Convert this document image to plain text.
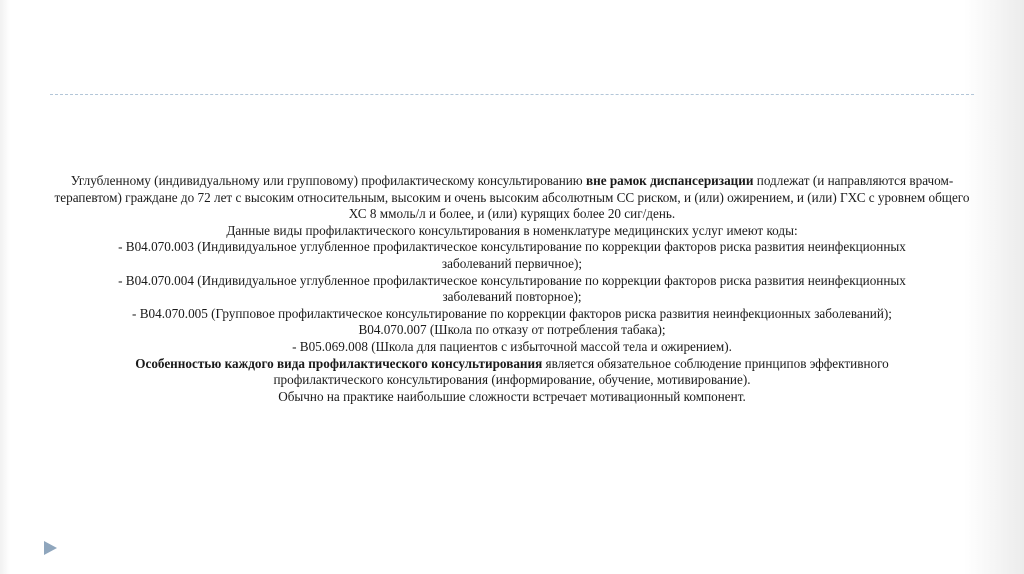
Углубленному (индивидуальному или групповому) профилактическому консультированию вне рамок диспансеризации подлежат (и направляются врачом-терапевтом) граждане до 72 лет с высоким относительным, высоким и очень высоким абсолютным СС риском, и (или) ожирением, и (или) ГХС с уровнем общего ХС 8 ммоль/л и более, и (или) курящих более 20 сиг/день.

Данные виды профилактического консультирования в номенклатуре медицинских услуг имеют коды:

- В04.070.003 (Индивидуальное углубленное профилактическое консультирование по коррекции факторов риска развития неинфекционных заболеваний первичное);

- В04.070.004 (Индивидуальное углубленное профилактическое консультирование по коррекции факторов риска развития неинфекционных заболеваний повторное);

- В04.070.005 (Групповое профилактическое консультирование по коррекции факторов риска развития неинфекционных заболеваний);

В04.070.007 (Школа по отказу от потребления табака);

- В05.069.008 (Школа для пациентов с избыточной массой тела и ожирением).

Особенностью каждого вида профилактического консультирования является обязательное соблюдение принципов эффективного профилактического консультирования (информирование, обучение, мотивирование).

Обычно на практике наибольшие сложности встречает мотивационный компонент.
